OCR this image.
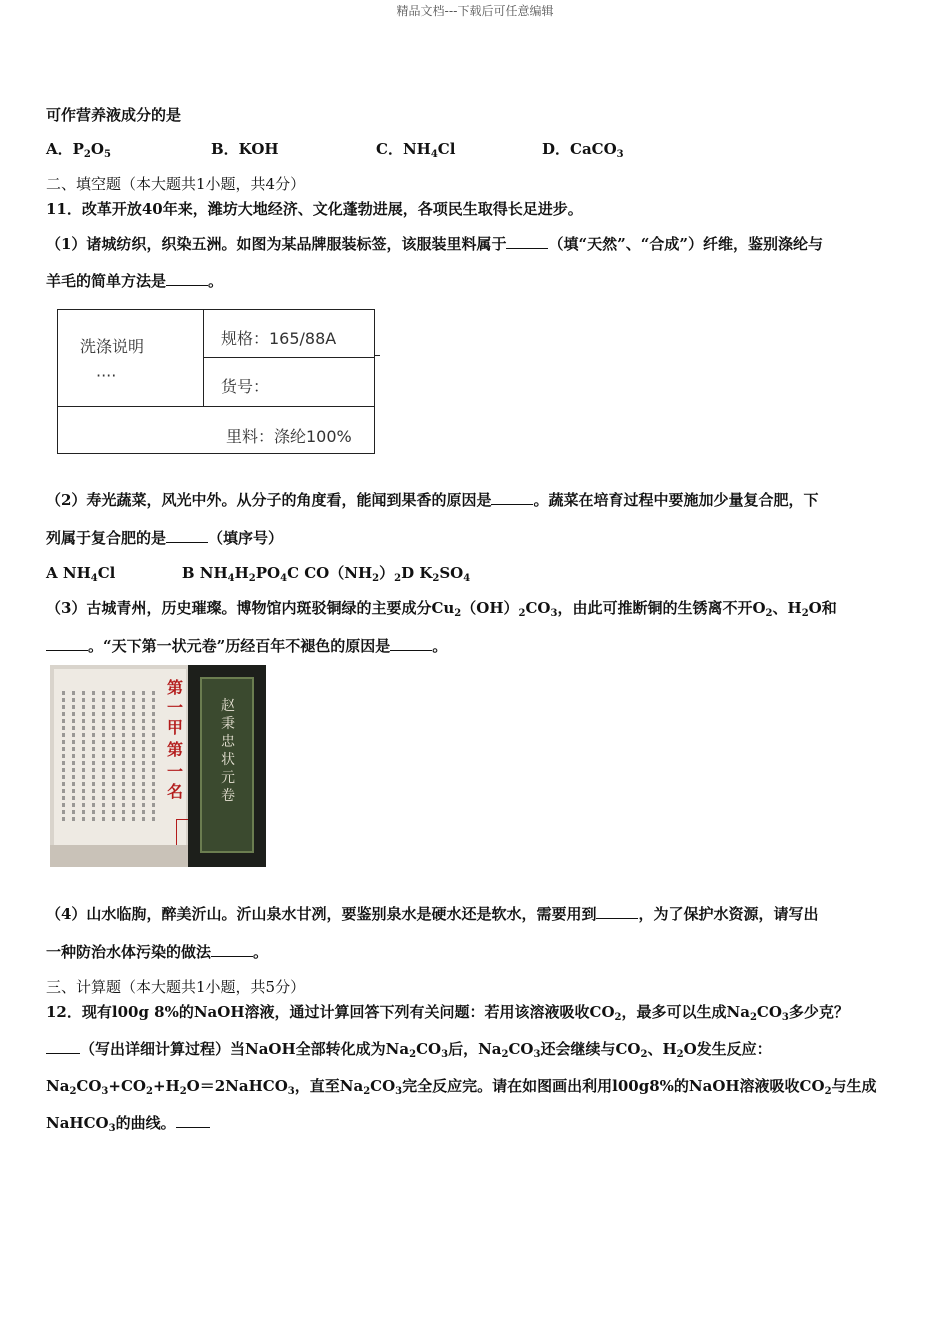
精品文档---下载后可任意编辑
可作营养液成分的是
A．$P_2O_5$	B．KOH	C．$NH_4Cl$	D．CaCO$_3$
二、填空题（本大题共1小题，共4分）
11．改革开放40年来，潍坊大地经济、文化蓬勃进展，各项民生取得长足进步。
（1）诸城纺织，织染五洲。如图为某品牌服装标签，该服装里料属于	（填“天然”、“合成”）纤维，鉴别涤纶与
羊毛的简单方法是	。
洗涤说明
····
规格：165/88A
货号：
里料：涤纶100%
（2）寿光蔬菜，风光中外。从分子的角度看，能闻到果香的原因是	。蔬菜在培育过程中要施加少量复合肥，下
列属于复合肥的是	（填序号）
A $NH_4Cl$	B $NH_4H_2PO_4C$ $CO(NH_2)_2D$ $K_2SO_4$
（3）古城青州，历史璀璨。博物馆内斑驳铜绿的主要成分$Cu_2(OH)_2CO_3$，由此可推断铜的生锈离不开$O_2$、$H_2O$和
。“天下第一状元卷”历经百年不褪色的原因是	。
第
一
甲
第
一
名
赵秉忠状元卷
（4）山水临朐，醉美沂山。沂山泉水甘冽，要鉴别泉水是硬水还是软水，需要用到	，为了保护水资源，请写出
一种防治水体污染的做法	。
三、计算题（本大题共1小题，共5分）
12．现有l00g 8%的NaOH溶液，通过计算回答下列有关问题：若用该溶液吸收$CO_2$，最多可以生成$Na_2CO_3$多少克？
（写出详细计算过程）当NaOH全部转化成为$Na_2CO_3$后，$Na_2CO_3$还会继续与$CO_2$、$H_2O$发生反应：
$Na_2CO_3+CO_2+H_2O=2NaHCO_3$，直至$Na_2CO_3$完全反应完。请在如图画出利用l00g8%的NaOH溶液吸收$CO_2$与生成
NaHCO$_3$的曲线。
